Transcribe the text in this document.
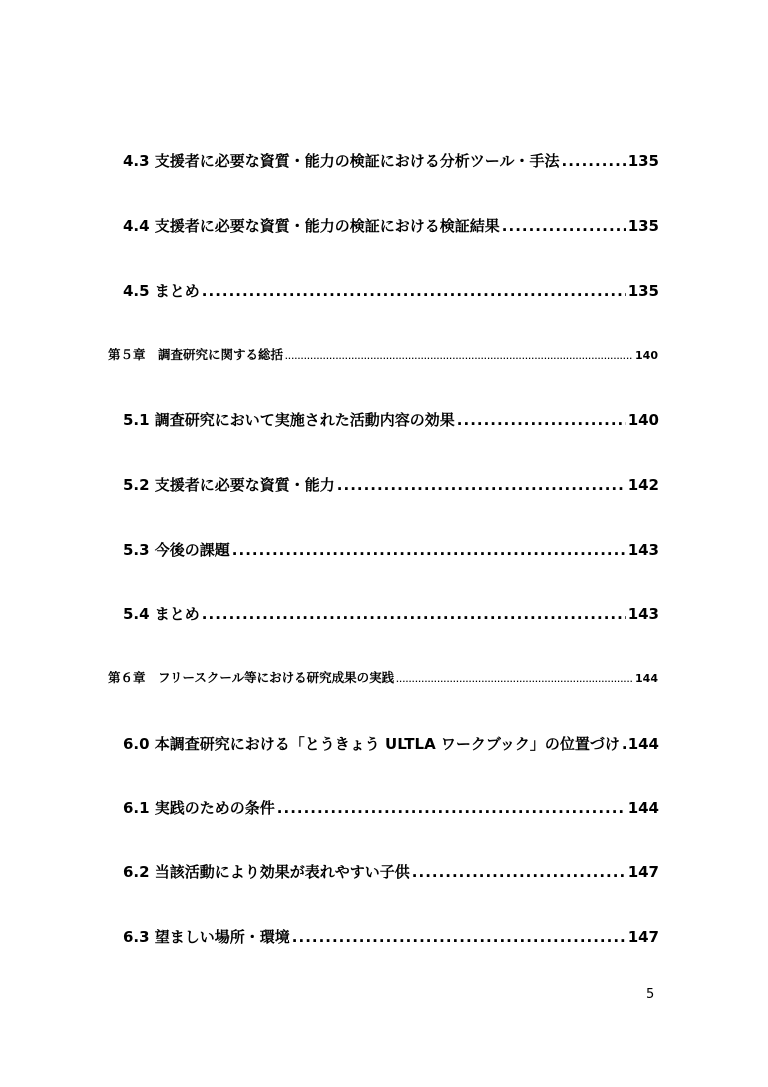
4.3 支援者に必要な資質・能力の検証における分析ツール・手法 .....	135
4.4 支援者に必要な資質・能力の検証における検証結果 .....	135
4.5 まとめ .....	135
第５章　調査研究に関する総括 .....	140
5.1 調査研究において実施された活動内容の効果 .....	140
5.2 支援者に必要な資質・能力 .....	142
5.3 今後の課題 .....	143
5.4 まとめ .....	143
第６章　フリースクール等における研究成果の実践 .....	144
6.0 本調査研究における「とうきょう ULTLA ワークブック」の位置づけ ..... 144
6.1 実践のための条件 .....	144
6.2 当該活動により効果が表れやすい子供 .....	147
6.3 望ましい場所・環境 .....	147
5
